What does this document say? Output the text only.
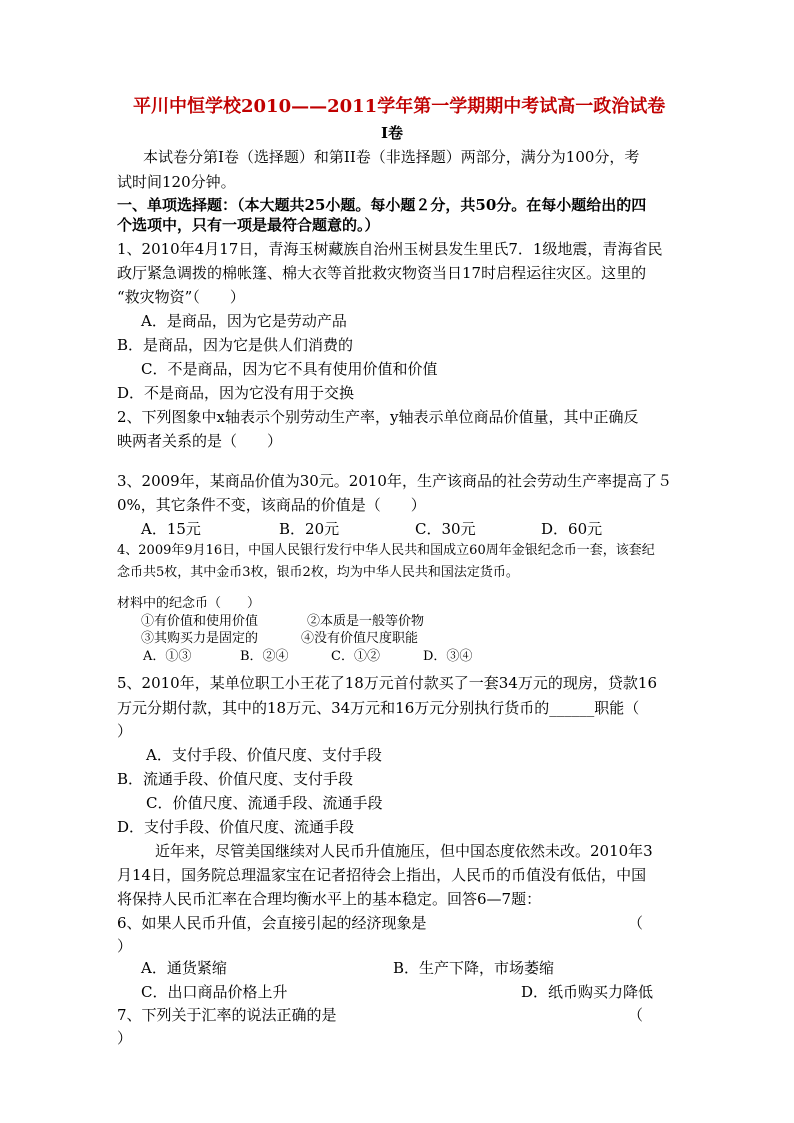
平川中恒学校2010——2011学年第一学期期中考试高一政治试卷
I卷
本试卷分第I卷（选择题）和第II卷（非选择题）两部分，满分为100分，考
试时间120分钟。
一、单项选择题：（本大题共25小题。每小题２分，共50分。在每小题给出的四
个选项中，只有一项是最符合题意的。）
1、2010年4月17日，青海玉树藏族自治州玉树县发生里氏7．1级地震，青海省民
政厅紧急调拨的棉帐篷、棉大衣等首批救灾物资当日17时启程运往灾区。这里的
“救灾物资”（　　）
A．是商品，因为它是劳动产品
B．是商品，因为它是供人们消费的
C．不是商品，因为它不具有使用价值和价值
D．不是商品，因为它没有用于交换
2、下列图象中x轴表示个别劳动生产率，y轴表示单位商品价值量，其中正确反
映两者关系的是（　　）
3、2009年，某商品价值为30元。2010年，生产该商品的社会劳动生产率提高了５
0%，其它条件不变，该商品的价值是（　　）
A．15元	B．20元	C．30元	D．60元
4、2009年9月16日，中国人民银行发行中华人民共和国成立60周年金银纪念币一套，该套纪
念币共5枚，其中金币3枚，银币2枚，均为中华人民共和国法定货币。
材料中的纪念币（　　）
①有价值和使用价值	②本质是一般等价物
③其购买力是固定的	④没有价值尺度职能
A．①③	B．②④	C．①②	D．③④
5、2010年，某单位职工小王花了18万元首付款买了一套34万元的现房，贷款16
万元分期付款，其中的18万元、34万元和16万元分别执行货币的______职能（
）
A．支付手段、价值尺度、支付手段
B．流通手段、价值尺度、支付手段
C．价值尺度、流通手段、流通手段
D．支付手段、价值尺度、流通手段
近年来，尽管美国继续对人民币升值施压，但中国态度依然未改。2010年3
月14日，国务院总理温家宝在记者招待会上指出，人民币的币值没有低估，中国
将保持人民币汇率在合理均衡水平上的基本稳定。回答6—7题：
6、如果人民币升值，会直接引起的经济现象是	（
）
A．通货紧缩	B．生产下降，市场萎缩
C．出口商品价格上升	D．纸币购买力降低
7、下列关于汇率的说法正确的是	（
）
